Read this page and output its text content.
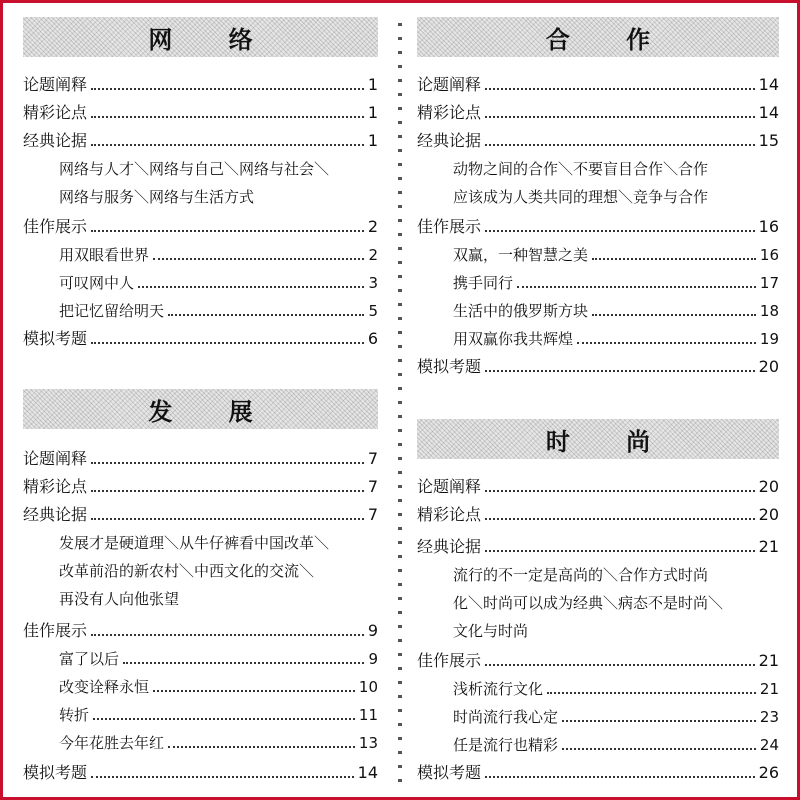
网 络
论题阐释	1
精彩论点	1
经典论据	1
网络与人才＼网络与自己＼网络与社会＼
网络与服务＼网络与生活方式
佳作展示	2
用双眼看世界	2
可叹网中人	3
把记忆留给明天	5
模拟考题	6
发 展
论题阐释	7
精彩论点	7
经典论据	7
发展才是硬道理＼从牛仔裤看中国改革＼
改革前沿的新农村＼中西文化的交流＼
再没有人向他张望
佳作展示	9
富了以后	9
改变诠释永恒	10
转折	11
今年花胜去年红	13
模拟考题	14
合 作
论题阐释	14
精彩论点	14
经典论据	15
动物之间的合作＼不要盲目合作＼合作
应该成为人类共同的理想＼竞争与合作
佳作展示	16
双赢，一种智慧之美	16
携手同行	17
生活中的俄罗斯方块	18
用双赢你我共辉煌	19
模拟考题	20
时 尚
论题阐释	20
精彩论点	20
经典论据	21
流行的不一定是高尚的＼合作方式时尚
化＼时尚可以成为经典＼病态不是时尚＼
文化与时尚
佳作展示	21
浅析流行文化	21
时尚流行我心定	23
任是流行也精彩	24
模拟考题	26
